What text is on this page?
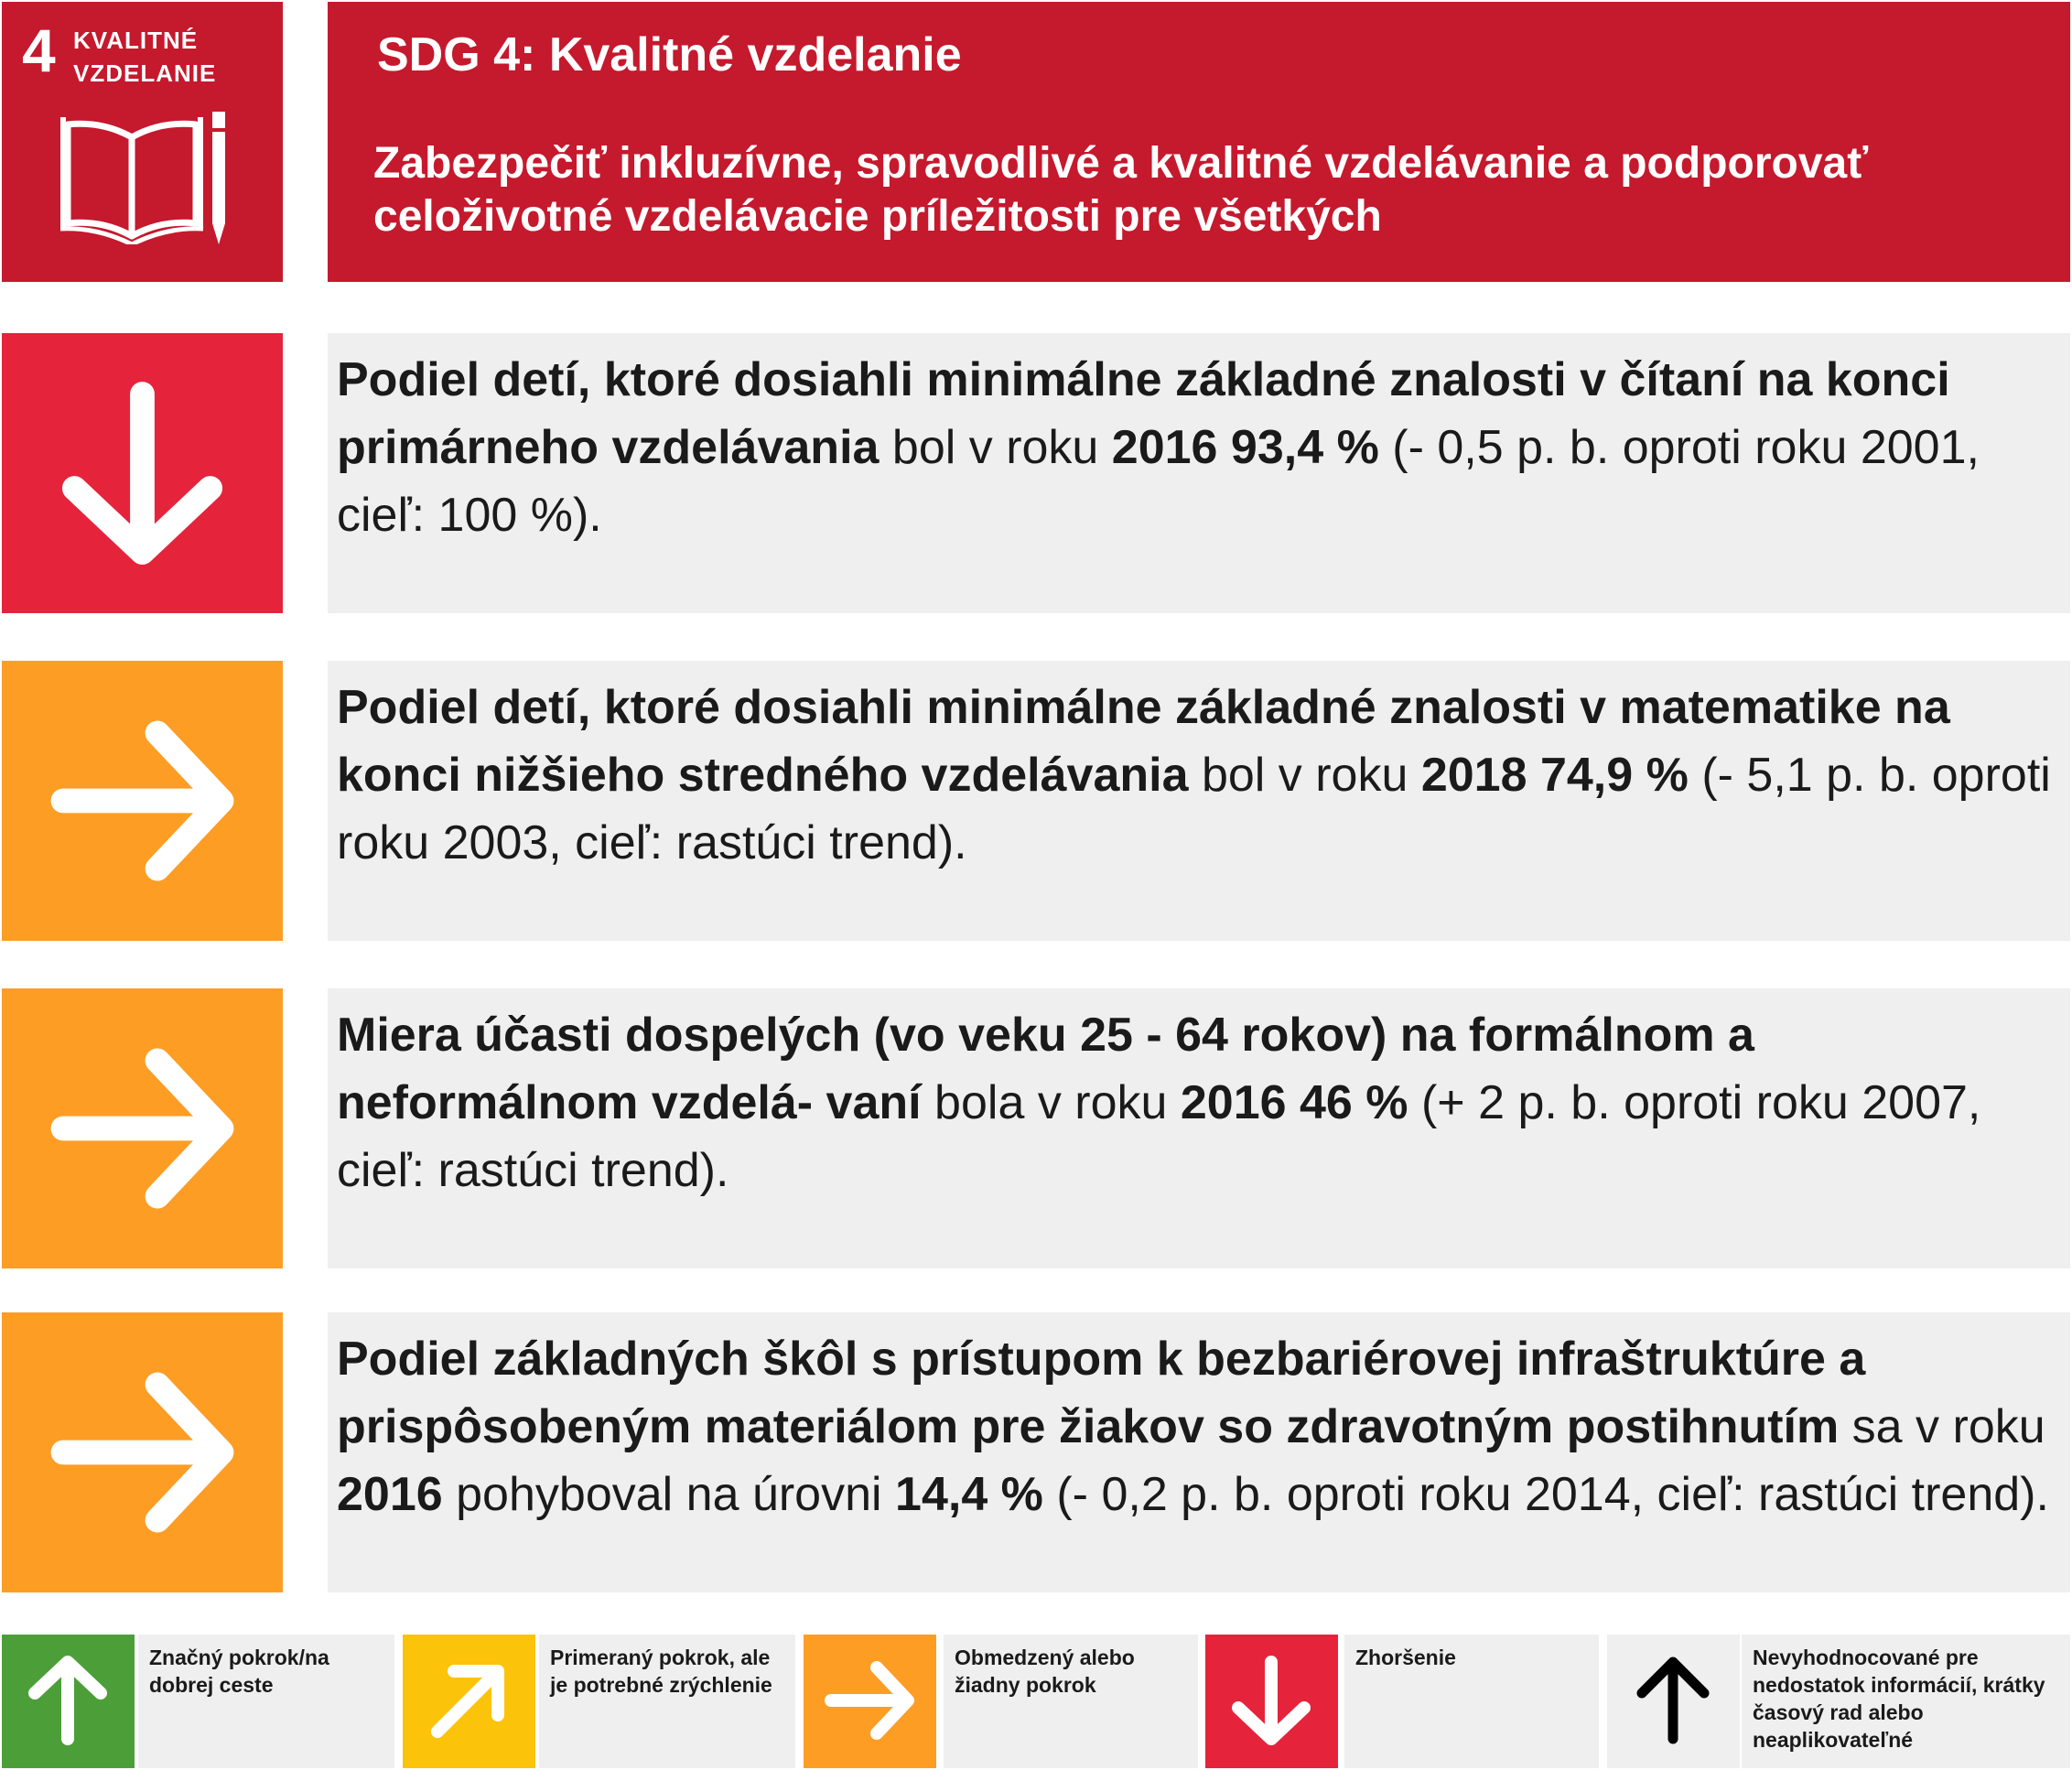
4 KVALITNÉ
VZDELANIE	SDG 4: Kvalitné vzdelanie
Zabezpečiť inkluzívne, spravodlivé a kvalitné vzdelávanie a podporovať celoživotné vzdelávacie príležitosti pre všetkých
Podiel detí, ktoré dosiahli minimálne základné znalosti v čítaní na konci primárneho vzdelávania bol v roku 2016 93,4 % (- 0,5 p. b. oproti roku 2001, cieľ: 100 %).
Podiel detí, ktoré dosiahli minimálne základné znalosti v matematike na konci nižšieho stredného vzdelávania bol v roku 2018 74,9 % (- 5,1 p. b. oproti roku 2003, cieľ: rastúci trend).
Miera účasti dospelých (vo veku 25 - 64 rokov) na formálnom a neformálnom vzdelá- vaní bola v roku 2016 46 % (+ 2 p. b. oproti roku 2007, cieľ: rastúci trend).
Podiel základných škôl s prístupom k bezbariérovej infraštruktúre a prispôsobeným materiálom pre žiakov so zdravotným postihnutím sa v roku 2016 pohyboval na úrovni 14,4 % (- 0,2 p. b. oproti roku 2014, cieľ: rastúci trend).
Značný pokrok/na dobrej ceste
Primeraný pokrok, ale je potrebné zrýchlenie
Obmedzený alebo žiadny pokrok
Zhoršenie	Nevyhodnocované pre nedostatok informácií, krátky časový rad alebo neaplikovateľné
